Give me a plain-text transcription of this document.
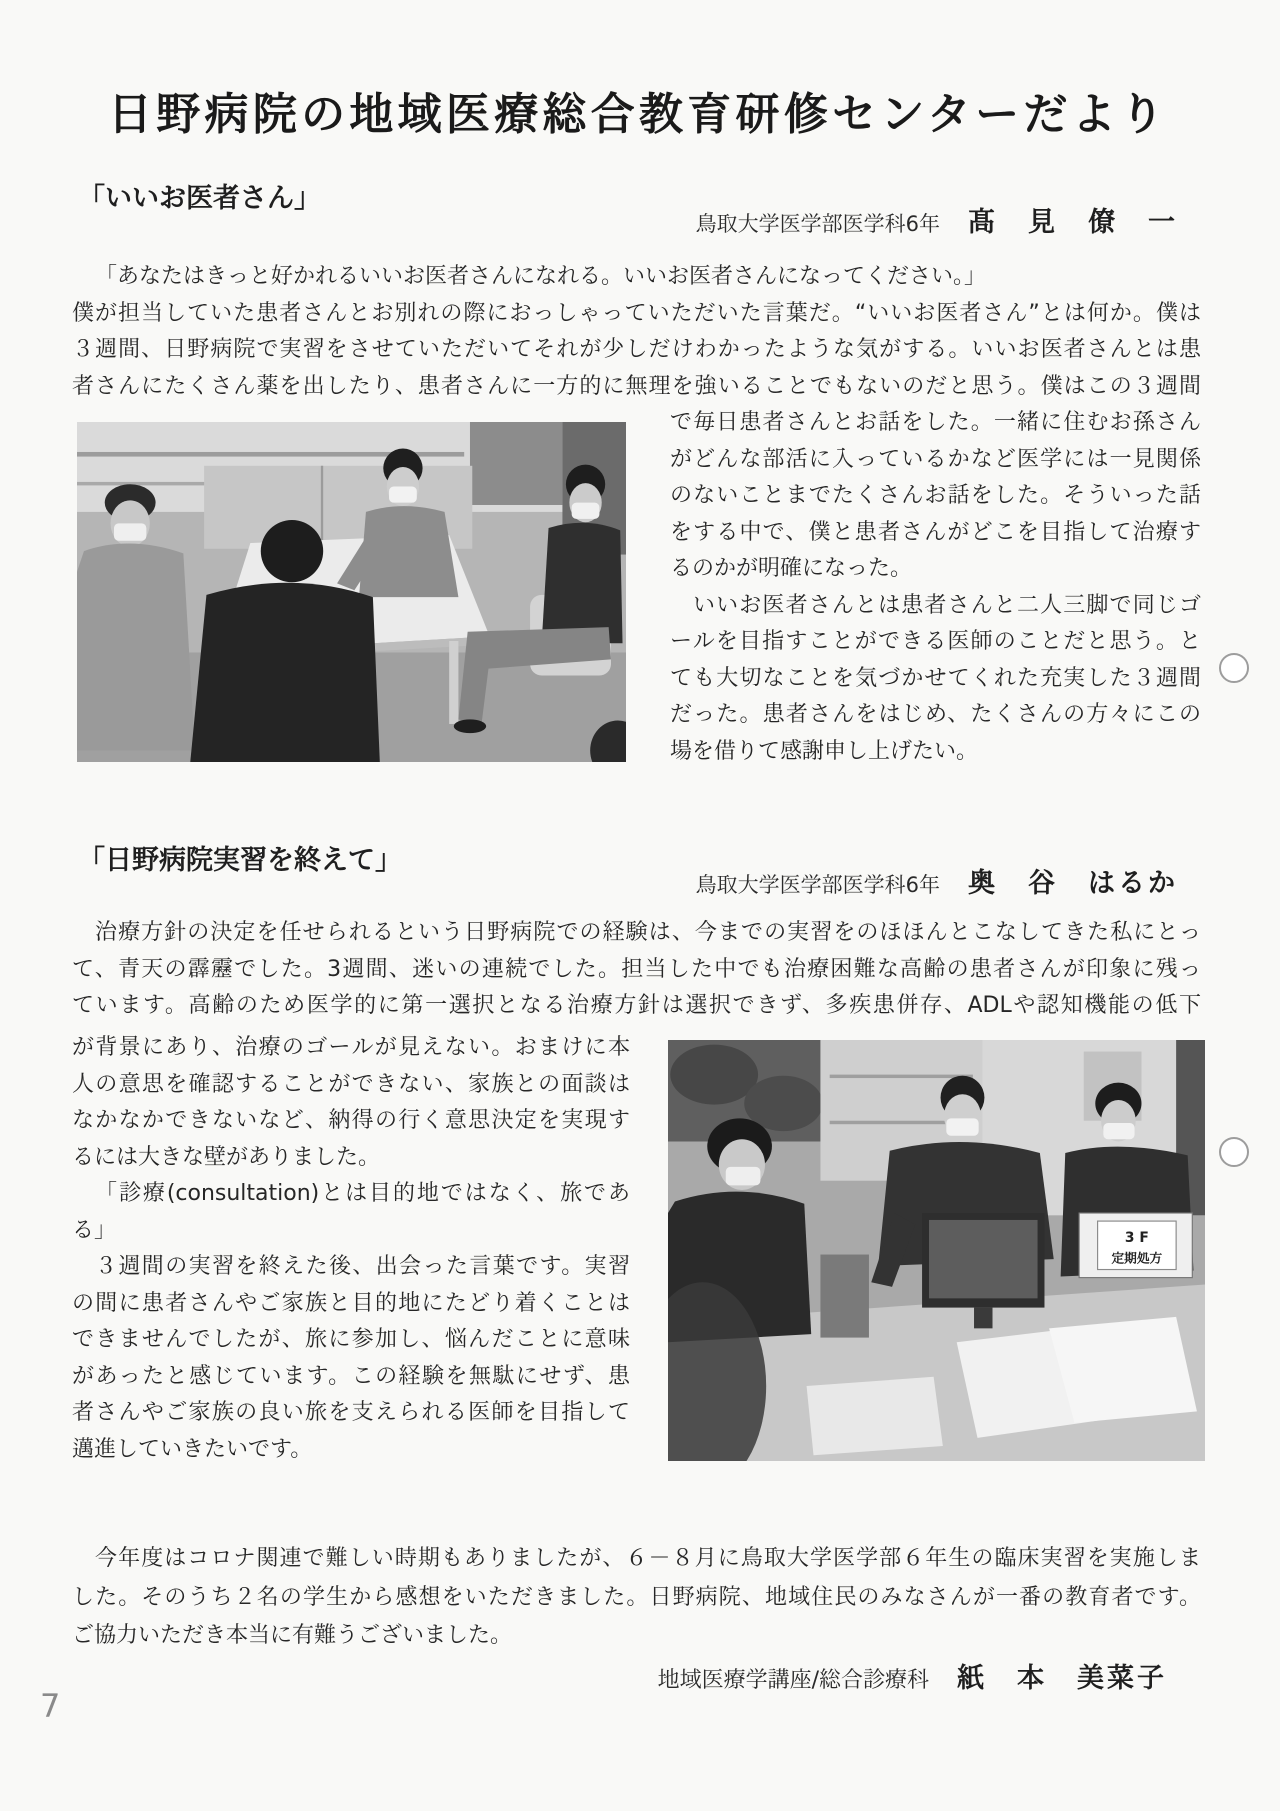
日野病院の地域医療総合教育研修センターだより
「いいお医者さん」
鳥取大学医学部医学科6年 髙　見　僚　一
「あなたはきっと好かれるいいお医者さんになれる。いいお医者さんになってください。」
僕が担当していた患者さんとお別れの際におっしゃっていただいた言葉だ。“いいお医者さん”とは何か。僕は
３週間、日野病院で実習をさせていただいてそれが少しだけわかったような気がする。いいお医者さんとは患
者さんにたくさん薬を出したり、患者さんに一方的に無理を強いることでもないのだと思う。僕はこの３週間
で毎日患者さんとお話をした。一緒に住むお孫さん
がどんな部活に入っているかなど医学には一見関係
のないことまでたくさんお話をした。そういった話
をする中で、僕と患者さんがどこを目指して治療す
るのかが明確になった。
いいお医者さんとは患者さんと二人三脚で同じゴ
ールを目指すことができる医師のことだと思う。と
ても大切なことを気づかせてくれた充実した３週間
だった。患者さんをはじめ、たくさんの方々にこの
場を借りて感謝申し上げたい。
「日野病院実習を終えて」
鳥取大学医学部医学科6年 奥　谷　はるか
治療方針の決定を任せられるという日野病院での経験は、今までの実習をのほほんとこなしてきた私にとっ
て、青天の霹靂でした。3週間、迷いの連続でした。担当した中でも治療困難な高齢の患者さんが印象に残っ
ています。高齢のため医学的に第一選択となる治療方針は選択できず、多疾患併存、ADLや認知機能の低下
が背景にあり、治療のゴールが見えない。おまけに本
人の意思を確認することができない、家族との面談は
なかなかできないなど、納得の行く意思決定を実現す
るには大きな壁がありました。
「診療(consultation)とは目的地ではなく、旅であ
る」
３週間の実習を終えた後、出会った言葉です。実習
の間に患者さんやご家族と目的地にたどり着くことは
できませんでしたが、旅に参加し、悩んだことに意味
があったと感じています。この経験を無駄にせず、患
者さんやご家族の良い旅を支えられる医師を目指して
邁進していきたいです。
3 F
定期処方
今年度はコロナ関連で難しい時期もありましたが、６－８月に鳥取大学医学部６年生の臨床実習を実施しま
した。そのうち２名の学生から感想をいただきました。日野病院、地域住民のみなさんが一番の教育者です。
ご協力いただき本当に有難うございました。
地域医療学講座/総合診療科 紙　本　美菜子
7
